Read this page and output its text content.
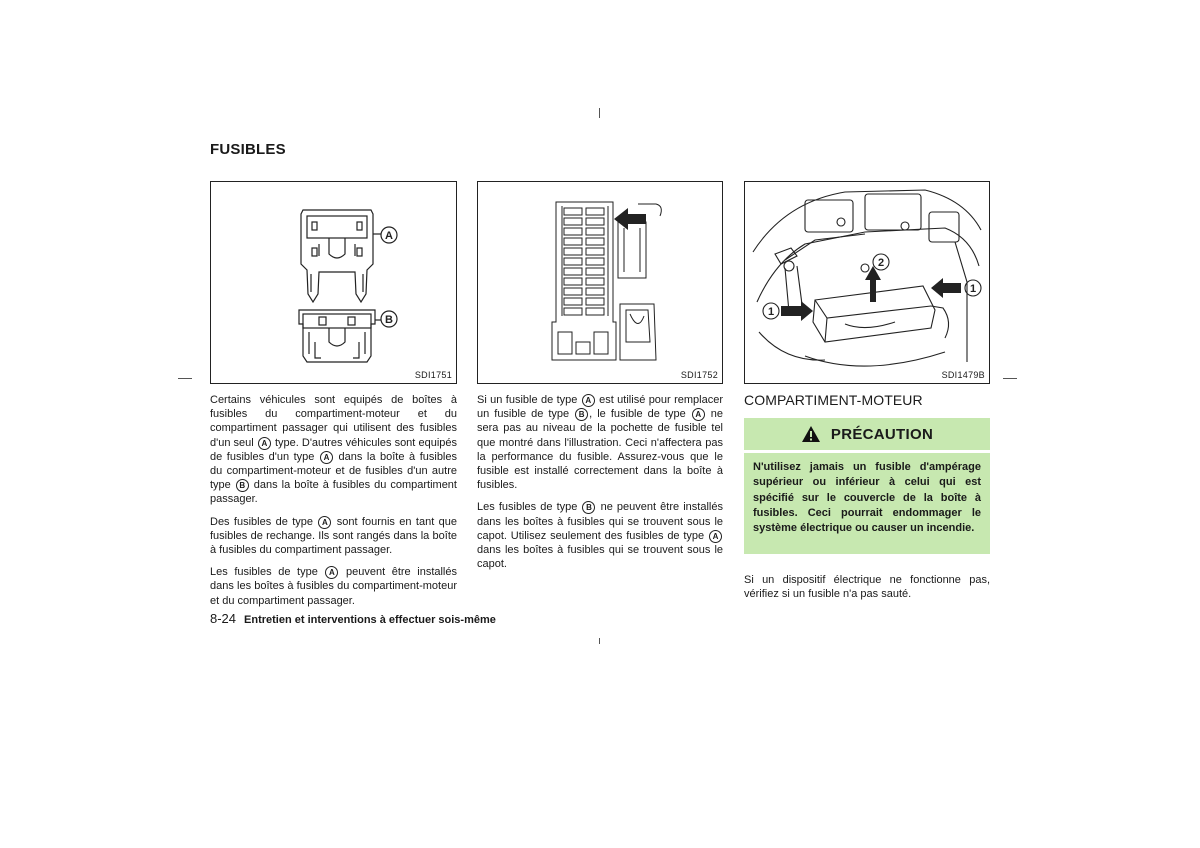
FUSIBLES
A
B
SDI1751	SDI1752
1
2
1
SDI1479B

Certains véhicules sont equipés de boîtes à fusibles du compartiment-moteur et du compartiment passager qui utilisent des fusibles d'un seul A type. D'autres véhicules sont equipés de fusibles d'un type A dans la boîte à fusibles du compartiment-moteur et de fusibles d'un autre type B dans la boîte à fusibles du compartiment passager.

Des fusibles de type A sont fournis en tant que fusibles de rechange. Ils sont rangés dans la boîte à fusibles du compartiment passager.

Les fusibles de type A peuvent être installés dans les boîtes à fusibles du compartiment-moteur et du compartiment passager.

Si un fusible de type A est utilisé pour remplacer un fusible de type B , le fusible de type A ne sera pas au niveau de la pochette de fusible tel que montré dans l'illustration. Ceci n'affectera pas la performance du fusible. Assurez-vous que le fusible est installé correctement dans la boîte à fusibles.

Les fusibles de type B ne peuvent être installés dans les boîtes à fusibles qui se trouvent sous le capot. Utilisez seulement des fusibles de type A dans les boîtes à fusibles qui se trouvent sous le capot.

COMPARTIMENT-MOTEUR
PRÉCAUTION
N'utilisez jamais un fusible d'ampérage supérieur ou inférieur à celui qui est spécifié sur le couvercle de la boîte à fusibles. Ceci pourrait endommager le système électrique ou causer un incendie.
Si un dispositif électrique ne fonctionne pas, vérifiez si un fusible n'a pas sauté.
8-24 Entretien et interventions à effectuer sois-même
